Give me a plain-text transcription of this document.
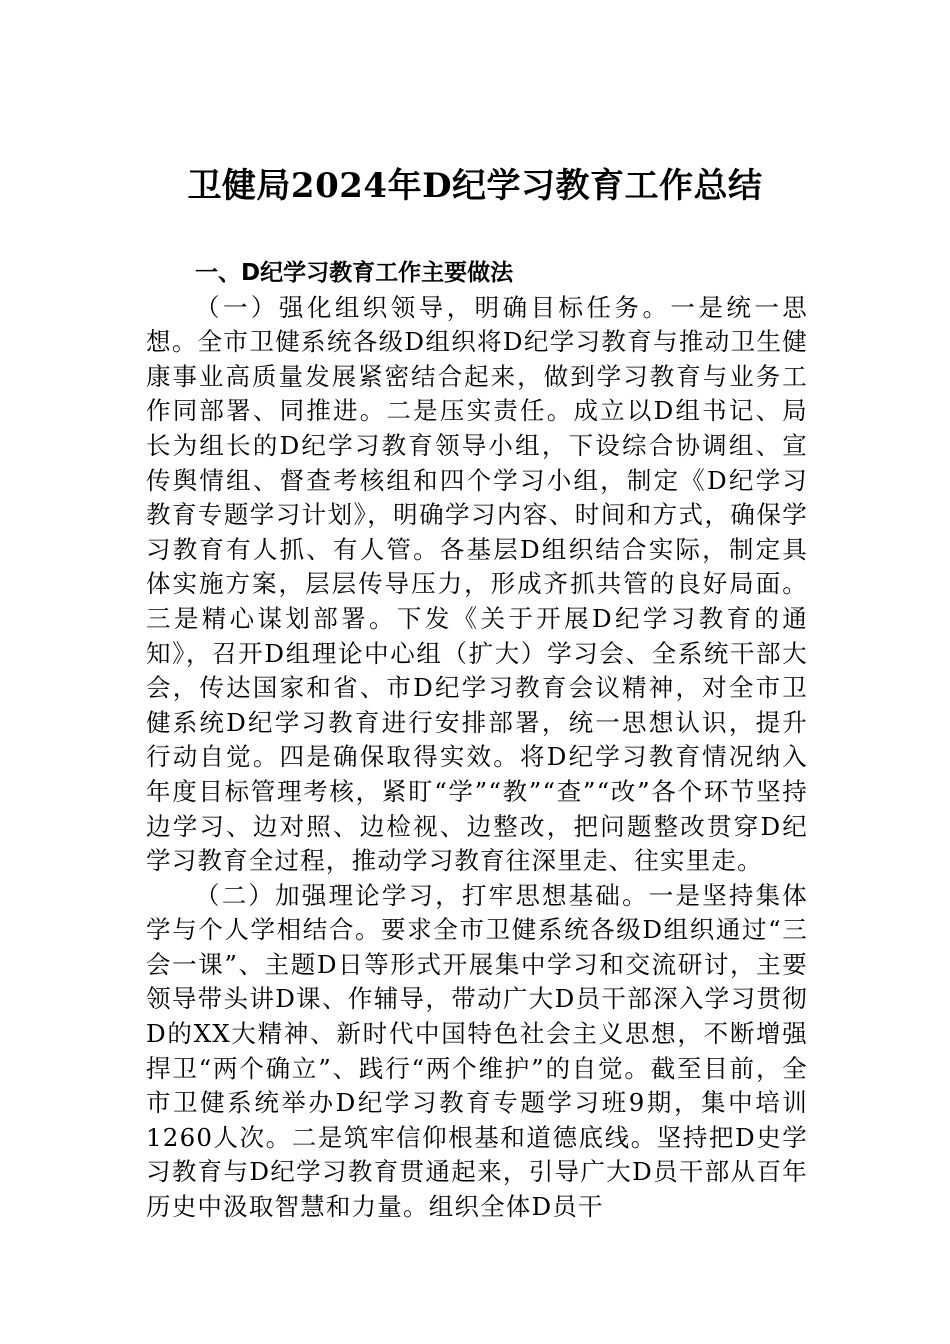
卫健局2024年D纪学习教育工作总结

一、D纪学习教育工作主要做法

（一）强化组织领导，明确目标任务。一是统一思想。全市卫健系统各级D组织将D纪学习教育与推动卫生健康事业高质量发展紧密结合起来，做到学习教育与业务工作同部署、同推进。二是压实责任。成立以D组书记、局长为组长的D纪学习教育领导小组，下设综合协调组、宣传舆情组、督查考核组和四个学习小组，制定《D纪学习教育专题学习计划》，明确学习内容、时间和方式，确保学习教育有人抓、有人管。各基层D组织结合实际，制定具体实施方案，层层传导压力，形成齐抓共管的良好局面。三是精心谋划部署。下发《关于开展D纪学习教育的通知》，召开D组理论中心组（扩大）学习会、全系统干部大会，传达国家和省、市D纪学习教育会议精神，对全市卫健系统D纪学习教育进行安排部署，统一思想认识，提升行动自觉。四是确保取得实效。将D纪学习教育情况纳入年度目标管理考核，紧盯“学”“教”“查”“改”各个环节坚持边学习、边对照、边检视、边整改，把问题整改贯穿D纪学习教育全过程，推动学习教育往深里走、往实里走。

（二）加强理论学习，打牢思想基础。一是坚持集体学与个人学相结合。要求全市卫健系统各级D组织通过“三会一课”、主题D日等形式开展集中学习和交流研讨，主要领导带头讲D课、作辅导，带动广大D员干部深入学习贯彻D的XX大精神、新时代中国特色社会主义思想，不断增强捍卫“两个确立”、践行“两个维护”的自觉。截至目前，全市卫健系统举办D纪学习教育专题学习班9期，集中培训1260人次。二是筑牢信仰根基和道德底线。坚持把D史学习教育与D纪学习教育贯通起来，引导广大D员干部从百年历史中汲取智慧和力量。组织全体D员干
